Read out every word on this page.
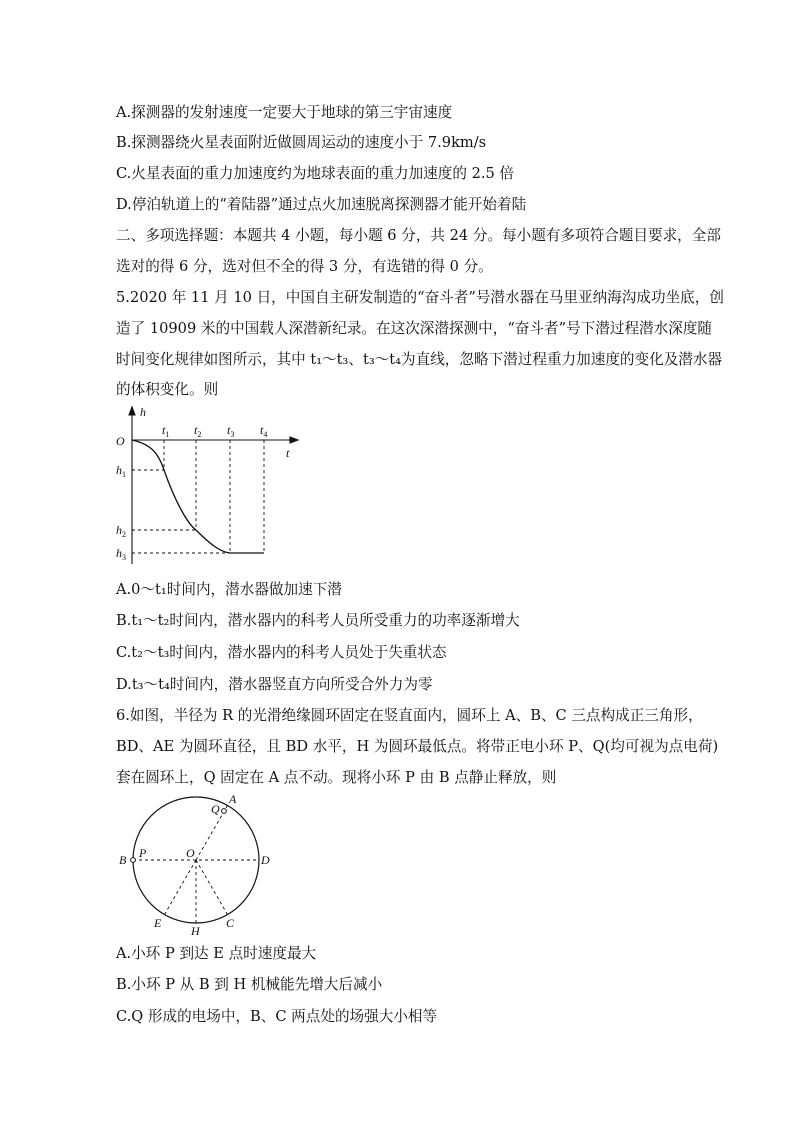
A.探测器的发射速度一定要大于地球的第三宇宙速度
B.探测器绕火星表面附近做圆周运动的速度小于 7.9km/s
C.火星表面的重力加速度约为地球表面的重力加速度的 2.5 倍
D.停泊轨道上的“着陆器”通过点火加速脱离探测器才能开始着陆
二、多项选择题：本题共 4 小题，每小题 6 分，共 24 分。每小题有多项符合题目要求，全部
选对的得 6 分，选对但不全的得 3 分，有选错的得 0 分。
5.2020 年 11 月 10 日，中国自主研发制造的“奋斗者”号潜水器在马里亚纳海沟成功坐底，创
造了 10909 米的中国载人深潜新纪录。在这次深潜探测中，“奋斗者”号下潜过程潜水深度随
时间变化规律如图所示，其中 t₁～t₃、t₃～t₄为直线，忽略下潜过程重力加速度的变化及潜水器
的体积变化。则
h
O
t
$t_1$ $t_2$ $t_3$ $t_4$
$h_1$
$h_2$
$h_3$
A.0～t₁时间内，潜水器做加速下潜
B.t₁～t₂时间内，潜水器内的科考人员所受重力的功率逐渐增大
C.t₂～t₃时间内，潜水器内的科考人员处于失重状态
D.t₃～t₄时间内，潜水器竖直方向所受合外力为零
6.如图，半径为 R 的光滑绝缘圆环固定在竖直面内，圆环上 A、B、C 三点构成正三角形，
BD、AE 为圆环直径，且 BD 水平，H 为圆环最低点。将带正电小环 P、Q(均可视为点电荷)
套在圆环上，Q 固定在 A 点不动。现将小环 P 由 B 点静止释放，则
A
Q
B P	O	D
E	C
H
A.小环 P 到达 E 点时速度最大
B.小环 P 从 B 到 H 机械能先增大后减小
C.Q 形成的电场中，B、C 两点处的场强大小相等
